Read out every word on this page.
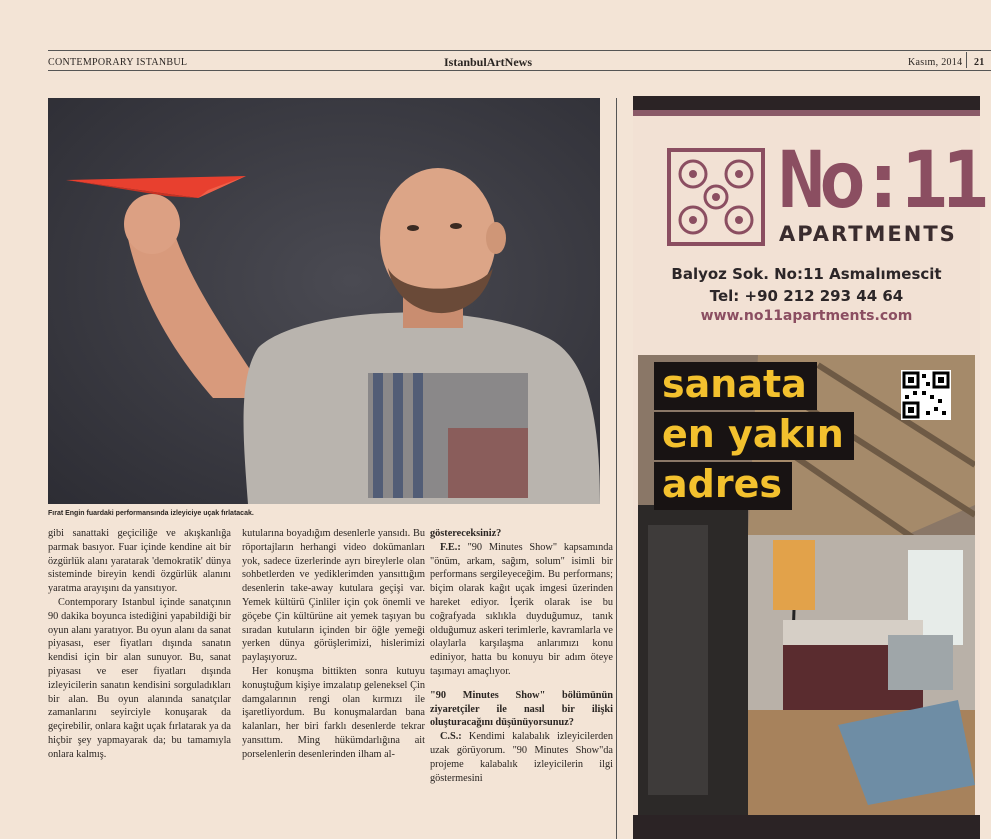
CONTEMPORARY ISTANBUL	IstanbulArtNews	Kasım, 2014 21
Fırat Engin fuardaki performansında izleyiciye uçak fırlatacak.

gibi sanattaki geçiciliğe ve akışkanlığa parmak basıyor. Fuar içinde kendine ait bir özgürlük alanı yaratarak 'demokratik' dünya sisteminde bireyin kendi özgürlük alanını yaratma arayışını da yansıtıyor.

Contemporary Istanbul içinde sanatçının 90 dakika boyunca istediğini yapabildiği bir oyun alanı yaratıyor. Bu oyun alanı da sanat piyasası, eser fiyatları dışında sanatın kendisi için bir alan sunuyor. Bu, sanat piyasası ve eser fiyatları dışında izleyicilerin sanatın kendisini sorguladıkları bir alan. Bu oyun alanında sanatçılar zamanlarını seyirciyle konuşarak da geçirebilir, onlara kağıt uçak fırlatarak ya da hiçbir şey yapmayarak da; bu tamamıyla onlara kalmış.

kutularına boyadığım desenlerle yansıdı. Bu röportajların herhangi video dokümanları yok, sadece üzerlerinde ayrı bireylerle olan sohbetlerden ve yediklerimden yansıttığım desenlerin take-away kutulara geçişi var. Yemek kültürü Çinliler için çok önemli ve göçebe Çin kültürüne ait yemek taşıyan bu sıradan kutuların içinden bir öğle yemeği yerken dünya görüşlerimizi, hislerimizi paylaşıyoruz.

Her konuşma bittikten sonra kutuyu konuştuğum kişiye imzalatıp geleneksel Çin damgalarının rengi olan kırmızı ile işaretliyordum. Bu konuşmalardan bana kalanları, her biri farklı desenlerde tekrar yansıttım. Ming hükümdarlığına ait porselenlerin desenlerinden ilham al-

göstereceksiniz?

F.E.: "90 Minutes Show" kapsamında "önüm, arkam, sağım, solum" isimli bir performans sergileyeceğim. Bu performans; biçim olarak kağıt uçak imgesi üzerinden hareket ediyor. İçerik olarak ise bu coğrafyada sıklıkla duyduğumuz, tanık olduğumuz askeri terimlerle, kavramlarla ve olaylarla karşılaşma anlarımızı konu ediniyor, hatta bu konuyu bir adım öteye taşımayı amaçlıyor.

"90 Minutes Show" bölümünün ziyaretçiler ile nasıl bir ilişki oluşturacağını düşünüyorsunuz?

C.S.: Kendimi kalabalık izleyicilerden uzak görüyorum. "90 Minutes Show"da projeme kalabalık izleyicilerin ilgi göstermesini

No:11
APARTMENTS
Balyoz Sok. No:11 Asmalımescit
Tel: +90 212 293 44 64
www.no11apartments.com
sanata
en yakın
adres
